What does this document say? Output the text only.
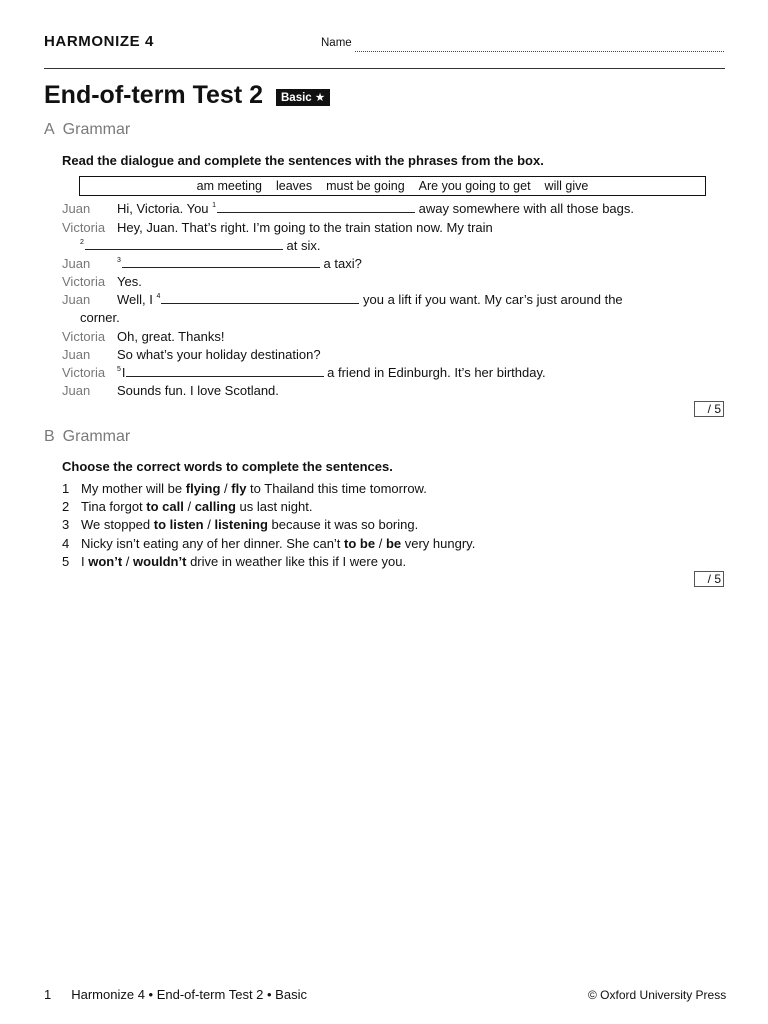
HARMONIZE 4	Name
End-of-term Test 2	Basic ★
A Grammar
Read the dialogue and complete the sentences with the phrases from the box.
am meeting leaves must be going Are you going to get will give
Juan Hi, Victoria. You $^1$	away somewhere with all those bags.
Victoria Hey, Juan. That’s right. I’m going to the train station now. My train
$^2$	at six.
Juan	$^3$	a taxi?
Victoria Yes.
Juan Well, I $^4$	you a lift if you want. My car’s just around the
corner.
Victoria Oh, great. Thanks!
Juan So what’s your holiday destination?
Victoria $^5$I	a friend in Edinburgh. It’s her birthday.
Juan Sounds fun. I love Scotland.
/ 5
B Grammar
Choose the correct words to complete the sentences.
1 My mother will be flying / fly to Thailand this time tomorrow.
2 Tina forgot to call / calling us last night.
3 We stopped to listen / listening because it was so boring.
4 Nicky isn’t eating any of her dinner. She can’t to be / be very hungry.
5 I won’t / wouldn’t drive in weather like this if I were you.
/ 5
1 Harmonize 4 • End-of-term Test 2 • Basic	© Oxford University Press
